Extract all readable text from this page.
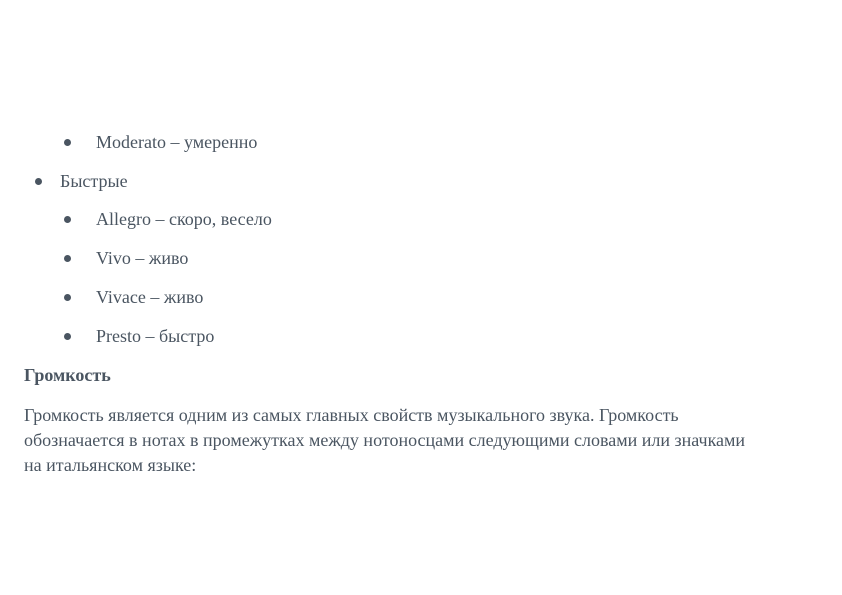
Moderato – умеренно
Быстрые
Allegro – скоро, весело
Vivo – живо
Vivace – живо
Presto – быстро
Громкость
Громкость является одним из самых главных свойств музыкального звука. Громкость
обозначается в нотах в промежутках между нотоносцами следующими словами или значками
на итальянском языке:
